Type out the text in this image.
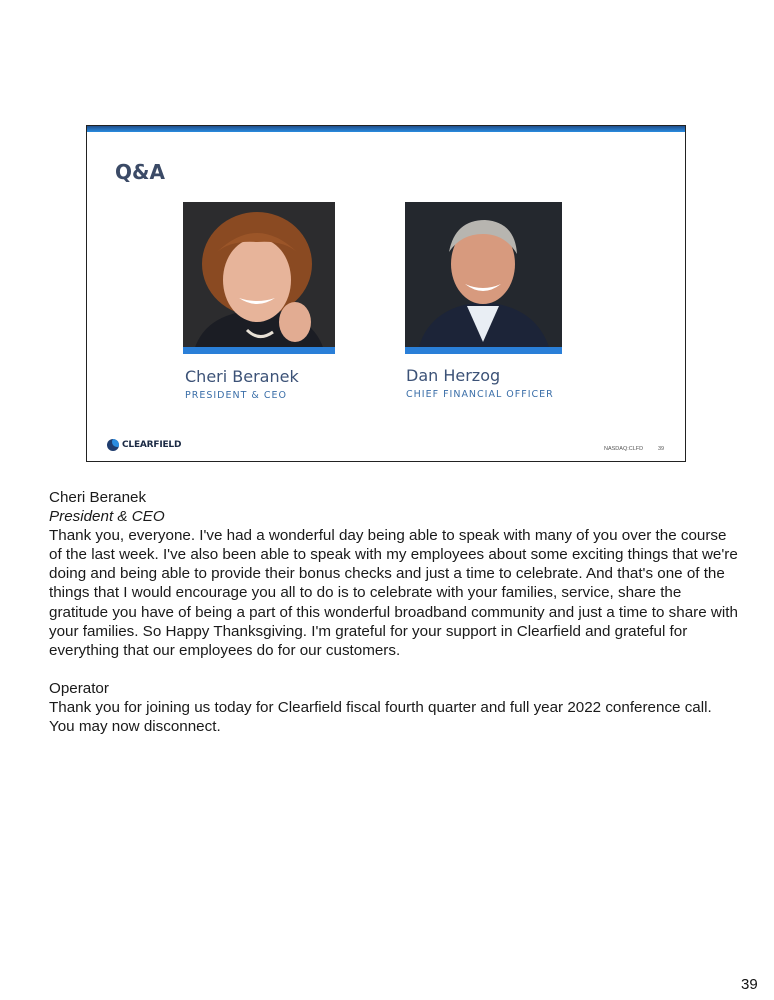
Q&A
Cheri Beranek
PRESIDENT & CEO
Dan Herzog
CHIEF FINANCIAL OFFICER
CLEARFIELD	NASDAQ:CLFD	39

Cheri Beranek

President & CEO

Thank you, everyone. I've had a wonderful day being able to speak with many of you over the course of the last week. I've also been able to speak with my employees about some exciting things that we're doing and being able to provide their bonus checks and just a time to celebrate. And that's one of the things that I would encourage you all to do is to celebrate with your families, service, share the gratitude you have of being a part of this wonderful broadband community and just a time to share with your families. So Happy Thanksgiving. I'm grateful for your support in Clearfield and grateful for everything that our employees do for our customers.

Operator

Thank you for joining us today for Clearfield fiscal fourth quarter and full year 2022 conference call. You may now disconnect.

39
